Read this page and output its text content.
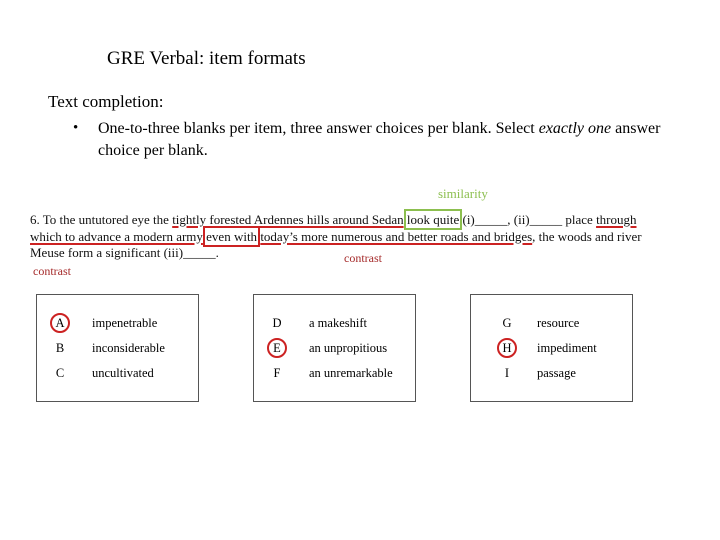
GRE Verbal: item formats
Text completion:
• One-to-three blanks per item, three answer choices per blank. Select exactly one answer choice per blank.
similarity
6. To the untutored eye the tightly forested Ardennes hills around Sedan look quite (i)_____, (ii)_____ place through which to advance a modern army even with today’s more numerous and better roads and bridges, the woods and river Meuse form a significant (iii)_____.	contrast
contrast
A	impenetrable
B	inconsiderable
C	uncultivated
D a makeshift
E	an unpropitious
F	an unremarkable
G resource
H	impediment
I	passage
